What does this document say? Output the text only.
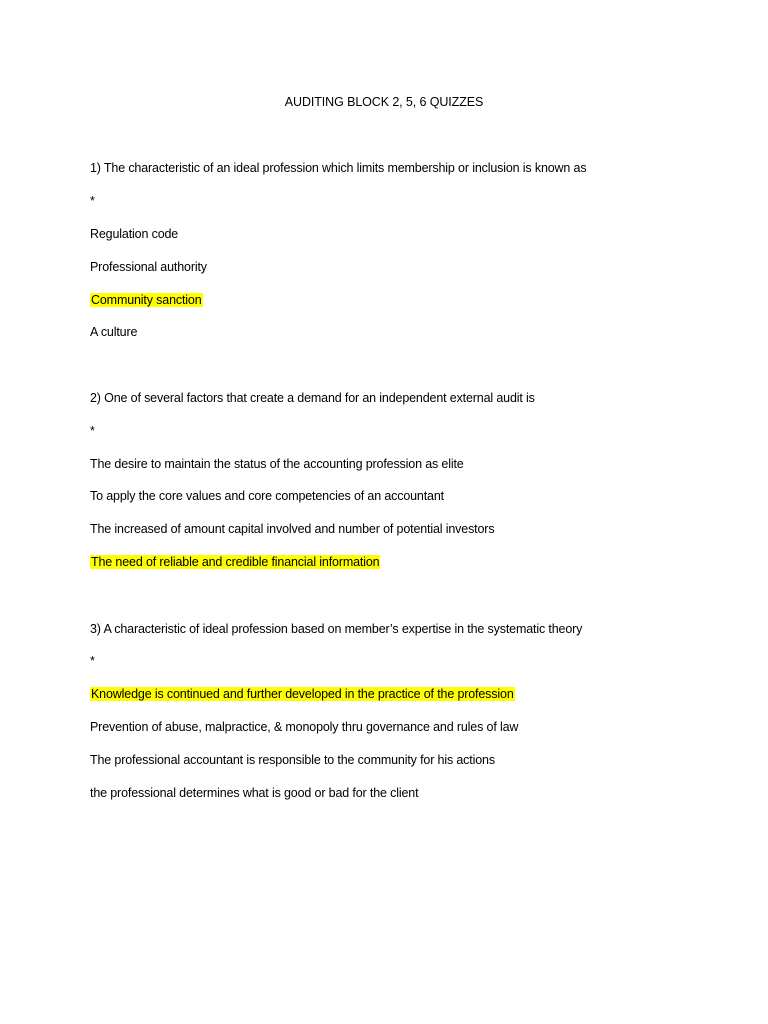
AUDITING BLOCK 2, 5, 6 QUIZZES
1) The characteristic of an ideal profession which limits membership or inclusion is known as
*
Regulation code
Professional authority
Community sanction
A culture
2) One of several factors that create a demand for an independent external audit is
*
The desire to maintain the status of the accounting profession as elite
To apply the core values and core competencies of an accountant
The increased of amount capital involved and number of potential investors
The need of reliable and credible financial information
3) A characteristic of ideal profession based on member’s expertise in the systematic theory
*
Knowledge is continued and further developed in the practice of the profession
Prevention of abuse, malpractice, & monopoly thru governance and rules of law
The professional accountant is responsible to the community for his actions
the professional determines what is good or bad for the client
